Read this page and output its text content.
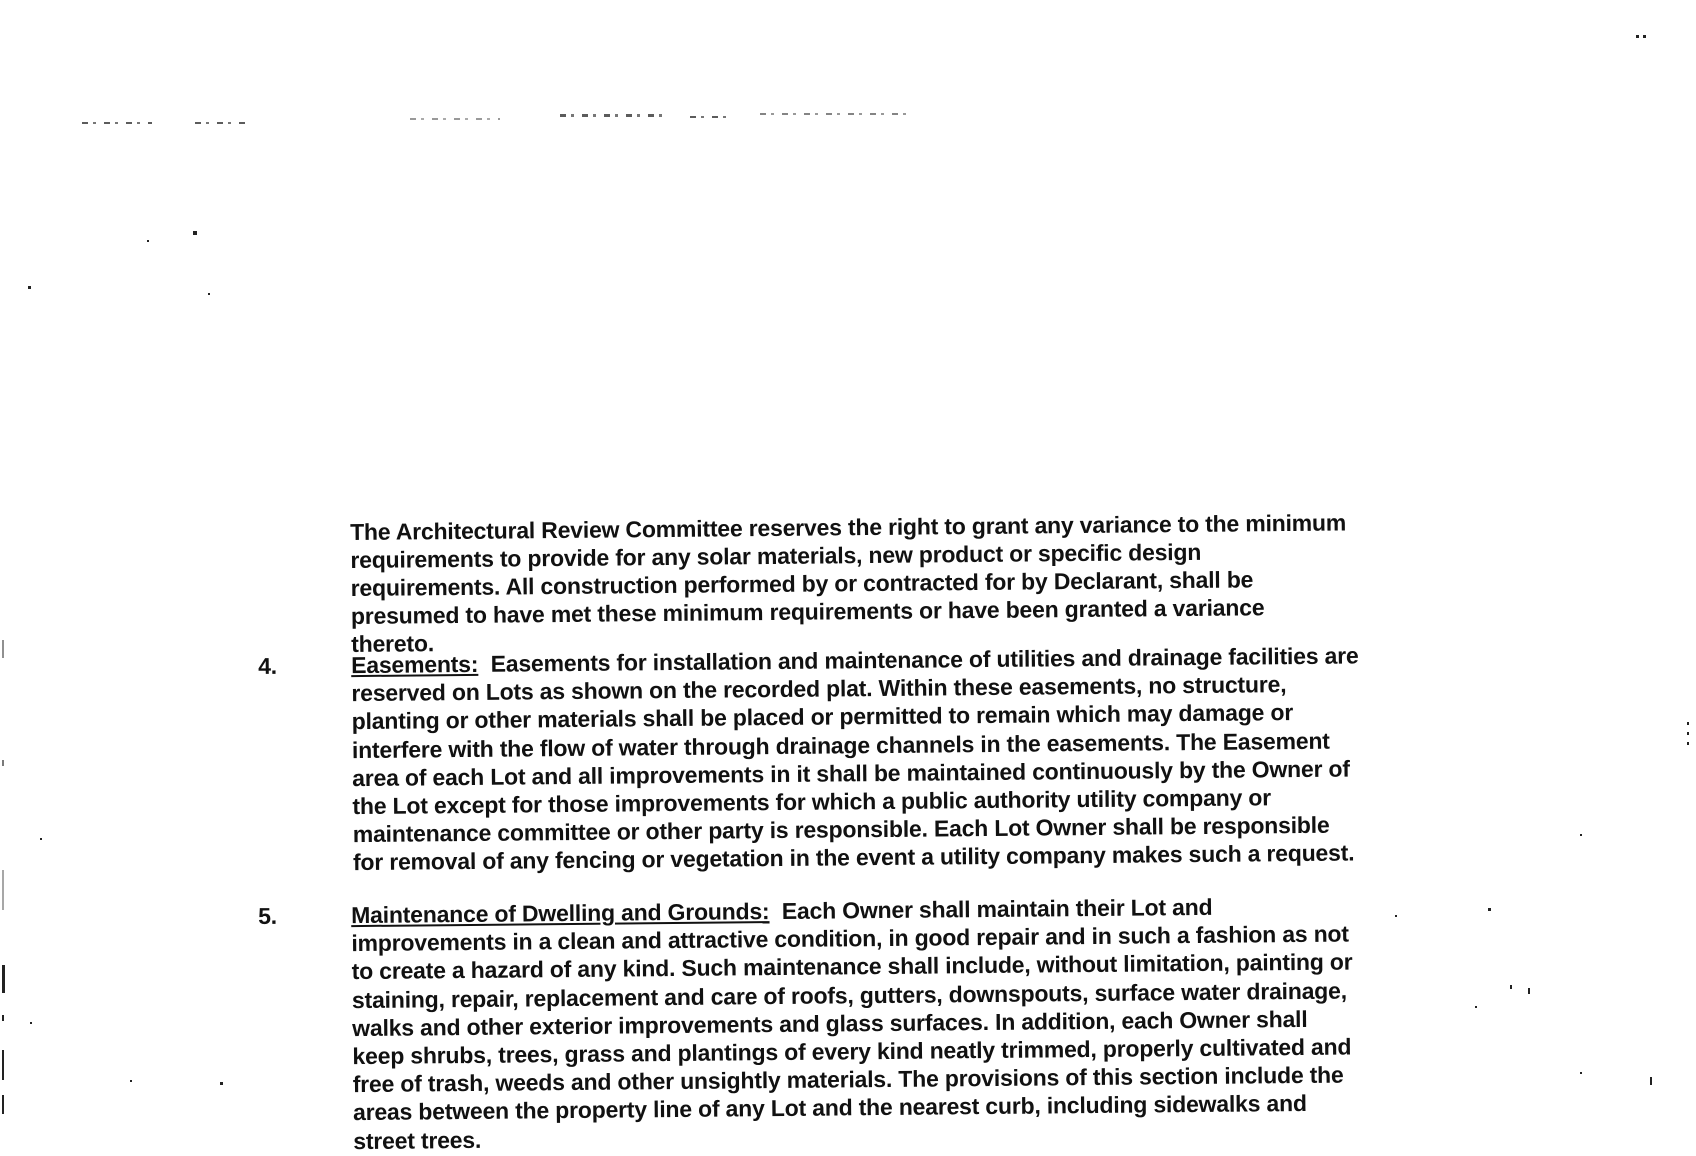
The Architectural Review Committee reserves the right to grant any variance to the minimum requirements to provide for any solar materials, new product or specific design requirements. All construction performed by or contracted for by Declarant, shall be presumed to have met these minimum requirements or have been granted a variance thereto.
4.	Easements: Easements for installation and maintenance of utilities and drainage facilities are reserved on Lots as shown on the recorded plat. Within these easements, no structure, planting or other materials shall be placed or permitted to remain which may damage or interfere with the flow of water through drainage channels in the easements. The Easement area of each Lot and all improvements in it shall be maintained continuously by the Owner of the Lot except for those improvements for which a public authority utility company or maintenance committee or other party is responsible. Each Lot Owner shall be responsible for removal of any fencing or vegetation in the event a utility company makes such a request.
5.	Maintenance of Dwelling and Grounds: Each Owner shall maintain their Lot and improvements in a clean and attractive condition, in good repair and in such a fashion as not to create a hazard of any kind. Such maintenance shall include, without limitation, painting or staining, repair, replacement and care of roofs, gutters, downspouts, surface water drainage, walks and other exterior improvements and glass surfaces. In addition, each Owner shall keep shrubs, trees, grass and plantings of every kind neatly trimmed, properly cultivated and free of trash, weeds and other unsightly materials. The provisions of this section include the areas between the property line of any Lot and the nearest curb, including sidewalks and street trees.
